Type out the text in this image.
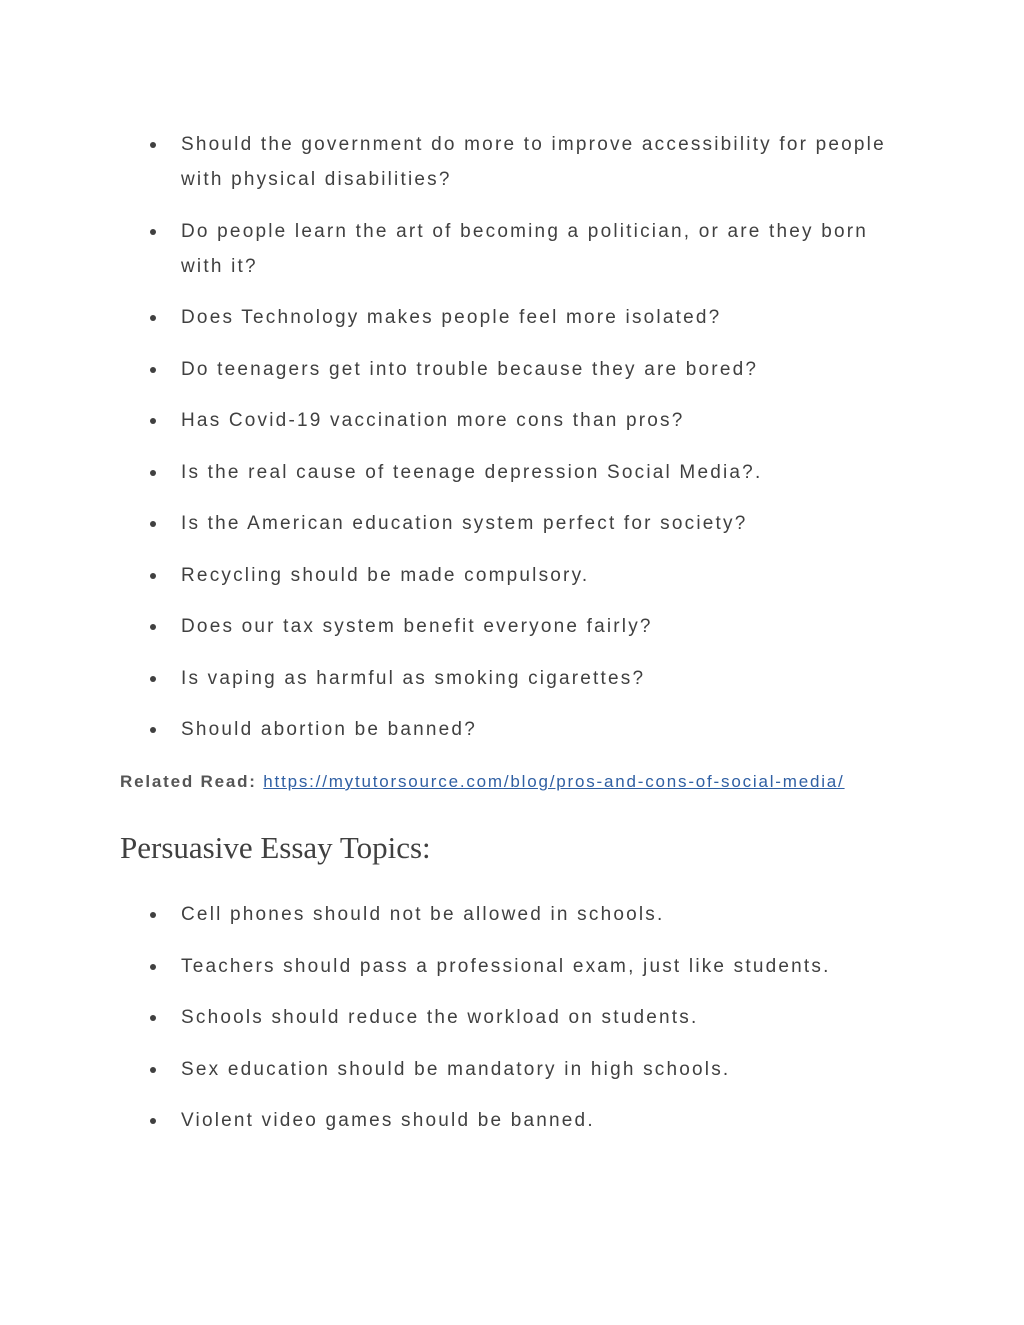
Should the government do more to improve accessibility for people with physical disabilities?
Do people learn the art of becoming a politician, or are they born with it?
Does Technology makes people feel more isolated?
Do teenagers get into trouble because they are bored?
Has Covid-19 vaccination more cons than pros?
Is the real cause of teenage depression Social Media?.
Is the American education system perfect for society?
Recycling should be made compulsory.
Does our tax system benefit everyone fairly?
Is vaping as harmful as smoking cigarettes?
Should abortion be banned?
Related Read: https://mytutorsource.com/blog/pros-and-cons-of-social-media/
Persuasive Essay Topics:
Cell phones should not be allowed in schools.
Teachers should pass a professional exam, just like students.
Schools should reduce the workload on students.
Sex education should be mandatory in high schools.
Violent video games should be banned.
